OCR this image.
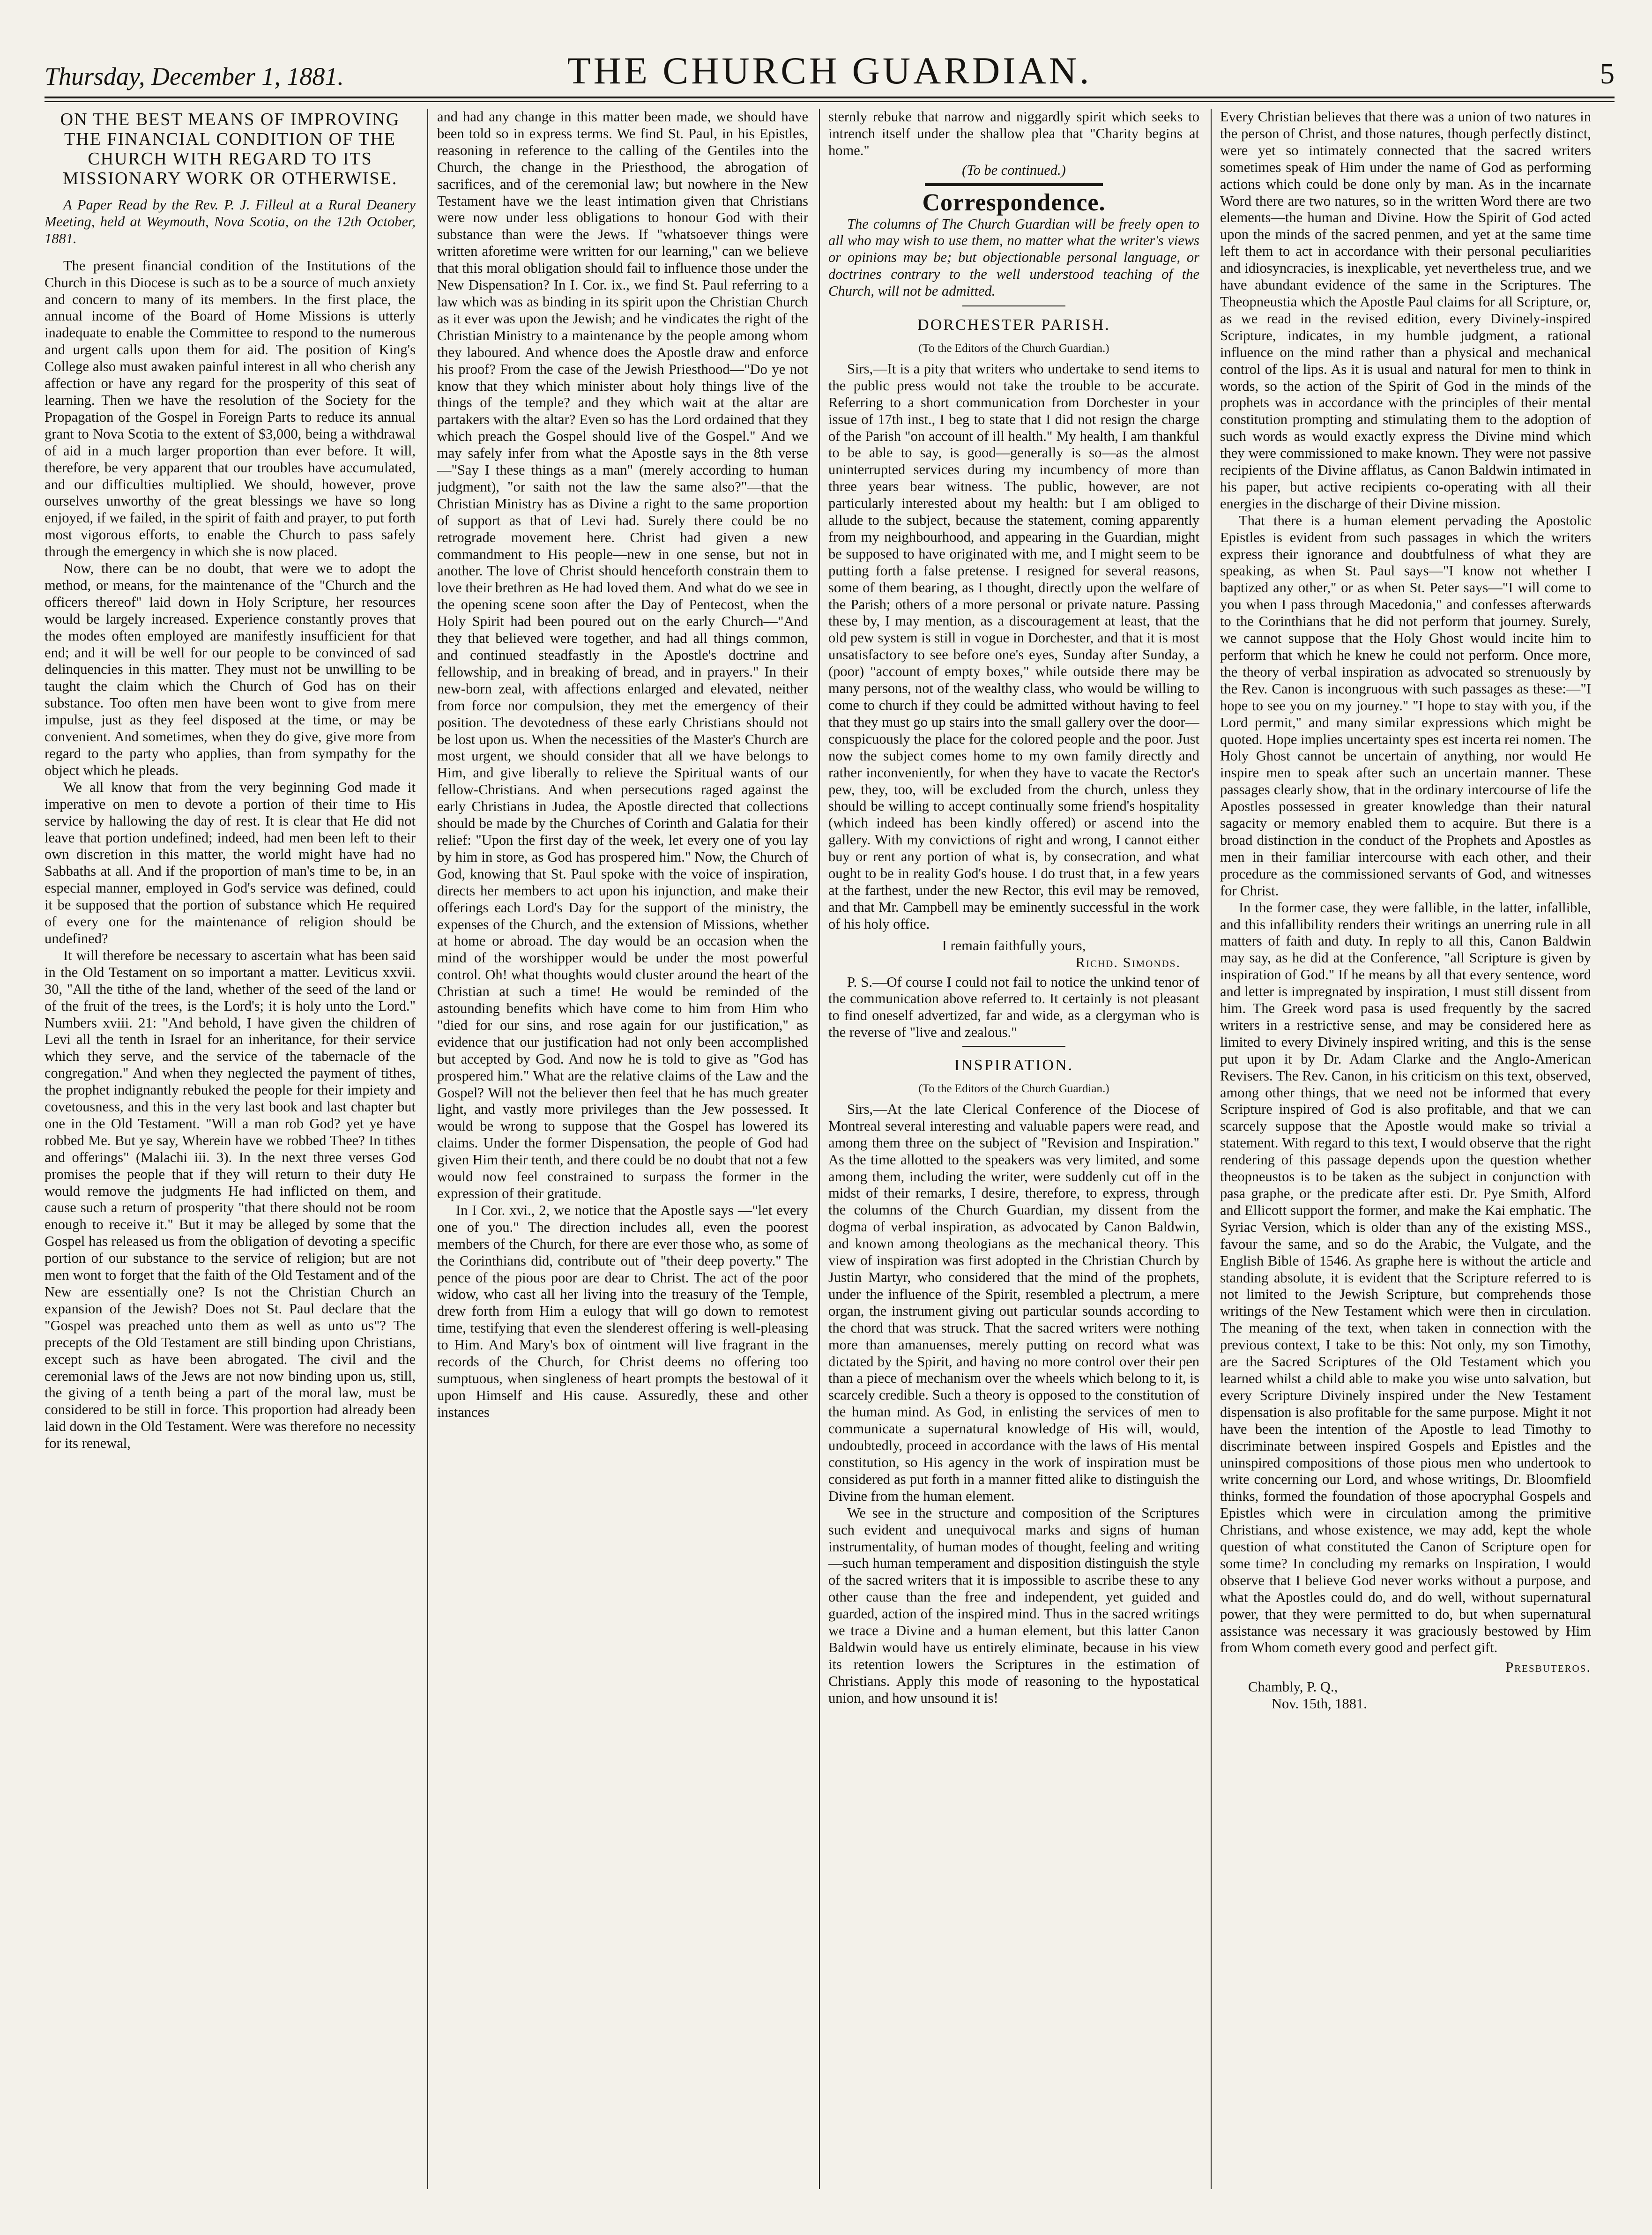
Thursday, December 1, 1881.	THE CHURCH GUARDIAN.	5
ON THE BEST MEANS OF IMPROVING THE FINANCIAL CONDITION OF THE CHURCH WITH REGARD TO ITS MISSIONARY WORK OR OTHERWISE.

A Paper Read by the Rev. P. J. Filleul at a Rural Deanery Meeting, held at Weymouth, Nova Scotia, on the 12th October, 1881.

The present financial condition of the Institutions of the Church in this Diocese is such as to be a source of much anxiety and concern to many of its members. In the first place, the annual income of the Board of Home Missions is utterly inadequate to enable the Committee to respond to the numerous and urgent calls upon them for aid. The position of King's College also must awaken painful interest in all who cherish any affection or have any regard for the prosperity of this seat of learning. Then we have the resolution of the Society for the Propagation of the Gospel in Foreign Parts to reduce its annual grant to Nova Scotia to the extent of $3,000, being a withdrawal of aid in a much larger proportion than ever before. It will, therefore, be very apparent that our troubles have accumulated, and our difficulties multiplied. We should, however, prove ourselves unworthy of the great blessings we have so long enjoyed, if we failed, in the spirit of faith and prayer, to put forth most vigorous efforts, to enable the Church to pass safely through the emergency in which she is now placed.

Now, there can be no doubt, that were we to adopt the method, or means, for the maintenance of the "Church and the officers thereof" laid down in Holy Scripture, her resources would be largely increased. Experience constantly proves that the modes often employed are manifestly insufficient for that end; and it will be well for our people to be convinced of sad delinquencies in this matter. They must not be unwilling to be taught the claim which the Church of God has on their substance. Too often men have been wont to give from mere impulse, just as they feel disposed at the time, or may be convenient. And sometimes, when they do give, give more from regard to the party who applies, than from sympathy for the object which he pleads.

We all know that from the very beginning God made it imperative on men to devote a portion of their time to His service by hallowing the day of rest. It is clear that He did not leave that portion undefined; indeed, had men been left to their own discretion in this matter, the world might have had no Sabbaths at all. And if the proportion of man's time to be, in an especial manner, employed in God's service was defined, could it be supposed that the portion of substance which He required of every one for the maintenance of religion should be undefined?

It will therefore be necessary to ascertain what has been said in the Old Testament on so important a matter. Leviticus xxvii. 30, "All the tithe of the land, whether of the seed of the land or of the fruit of the trees, is the Lord's; it is holy unto the Lord." Numbers xviii. 21: "And behold, I have given the children of Levi all the tenth in Israel for an inheritance, for their service which they serve, and the service of the tabernacle of the congregation." And when they neglected the payment of tithes, the prophet indignantly rebuked the people for their impiety and covetousness, and this in the very last book and last chapter but one in the Old Testament. "Will a man rob God? yet ye have robbed Me. But ye say, Wherein have we robbed Thee? In tithes and offerings" (Malachi iii. 3). In the next three verses God promises the people that if they will return to their duty He would remove the judgments He had inflicted on them, and cause such a return of prosperity "that there should not be room enough to receive it." But it may be alleged by some that the Gospel has released us from the obligation of devoting a specific portion of our substance to the service of religion; but are not men wont to forget that the faith of the Old Testament and of the New are essentially one? Is not the Christian Church an expansion of the Jewish? Does not St. Paul declare that the "Gospel was preached unto them as well as unto us"? The precepts of the Old Testament are still binding upon Christians, except such as have been abrogated. The civil and the ceremonial laws of the Jews are not now binding upon us, still, the giving of a tenth being a part of the moral law, must be considered to be still in force. This proportion had already been laid down in the Old Testament. Were was therefore no necessity for its renewal,

and had any change in this matter been made, we should have been told so in express terms. We find St. Paul, in his Epistles, reasoning in reference to the calling of the Gentiles into the Church, the change in the Priesthood, the abrogation of sacrifices, and of the ceremonial law; but nowhere in the New Testament have we the least intimation given that Christians were now under less obligations to honour God with their substance than were the Jews. If "whatsoever things were written aforetime were written for our learning," can we believe that this moral obligation should fail to influence those under the New Dispensation? In I. Cor. ix., we find St. Paul referring to a law which was as binding in its spirit upon the Christian Church as it ever was upon the Jewish; and he vindicates the right of the Christian Ministry to a maintenance by the people among whom they laboured. And whence does the Apostle draw and enforce his proof? From the case of the Jewish Priesthood—"Do ye not know that they which minister about holy things live of the things of the temple? and they which wait at the altar are partakers with the altar? Even so has the Lord ordained that they which preach the Gospel should live of the Gospel." And we may safely infer from what the Apostle says in the 8th verse—"Say I these things as a man" (merely according to human judgment), "or saith not the law the same also?"—that the Christian Ministry has as Divine a right to the same proportion of support as that of Levi had. Surely there could be no retrograde movement here. Christ had given a new commandment to His people—new in one sense, but not in another. The love of Christ should henceforth constrain them to love their brethren as He had loved them. And what do we see in the opening scene soon after the Day of Pentecost, when the Holy Spirit had been poured out on the early Church—"And they that believed were together, and had all things common, and continued steadfastly in the Apostle's doctrine and fellowship, and in breaking of bread, and in prayers." In their new-born zeal, with affections enlarged and elevated, neither from force nor compulsion, they met the emergency of their position. The devotedness of these early Christians should not be lost upon us. When the necessities of the Master's Church are most urgent, we should consider that all we have belongs to Him, and give liberally to relieve the Spiritual wants of our fellow-Christians. And when persecutions raged against the early Christians in Judea, the Apostle directed that collections should be made by the Churches of Corinth and Galatia for their relief: "Upon the first day of the week, let every one of you lay by him in store, as God has prospered him." Now, the Church of God, knowing that St. Paul spoke with the voice of inspiration, directs her members to act upon his injunction, and make their offerings each Lord's Day for the support of the ministry, the expenses of the Church, and the extension of Missions, whether at home or abroad. The day would be an occasion when the mind of the worshipper would be under the most powerful control. Oh! what thoughts would cluster around the heart of the Christian at such a time! He would be reminded of the astounding benefits which have come to him from Him who "died for our sins, and rose again for our justification," as evidence that our justification had not only been accomplished but accepted by God. And now he is told to give as "God has prospered him." What are the relative claims of the Law and the Gospel? Will not the believer then feel that he has much greater light, and vastly more privileges than the Jew possessed. It would be wrong to suppose that the Gospel has lowered its claims. Under the former Dispensation, the people of God had given Him their tenth, and there could be no doubt that not a few would now feel constrained to surpass the former in the expression of their gratitude.

In I Cor. xvi., 2, we notice that the Apostle says —"let every one of you." The direction includes all, even the poorest members of the Church, for there are ever those who, as some of the Corinthians did, contribute out of "their deep poverty." The pence of the pious poor are dear to Christ. The act of the poor widow, who cast all her living into the treasury of the Temple, drew forth from Him a eulogy that will go down to remotest time, testifying that even the slenderest offering is well-pleasing to Him. And Mary's box of ointment will live fragrant in the records of the Church, for Christ deems no offering too sumptuous, when singleness of heart prompts the bestowal of it upon Himself and His cause. Assuredly, these and other instances

sternly rebuke that narrow and niggardly spirit which seeks to intrench itself under the shallow plea that "Charity begins at home."

(To be continued.)
Correspondence.

The columns of The Church Guardian will be freely open to all who may wish to use them, no matter what the writer's views or opinions may be; but objectionable personal language, or doctrines contrary to the well understood teaching of the Church, will not be admitted.

DORCHESTER PARISH.
(To the Editors of the Church Guardian.)

Sirs,—It is a pity that writers who undertake to send items to the public press would not take the trouble to be accurate. Referring to a short communication from Dorchester in your issue of 17th inst., I beg to state that I did not resign the charge of the Parish "on account of ill health." My health, I am thankful to be able to say, is good—generally is so—as the almost uninterrupted services during my incumbency of more than three years bear witness. The public, however, are not particularly interested about my health: but I am obliged to allude to the subject, because the statement, coming apparently from my neighbourhood, and appearing in the Guardian, might be supposed to have originated with me, and I might seem to be putting forth a false pretense. I resigned for several reasons, some of them bearing, as I thought, directly upon the welfare of the Parish; others of a more personal or private nature. Passing these by, I may mention, as a discouragement at least, that the old pew system is still in vogue in Dorchester, and that it is most unsatisfactory to see before one's eyes, Sunday after Sunday, a (poor) "account of empty boxes," while outside there may be many persons, not of the wealthy class, who would be willing to come to church if they could be admitted without having to feel that they must go up stairs into the small gallery over the door—conspicuously the place for the colored people and the poor. Just now the subject comes home to my own family directly and rather inconveniently, for when they have to vacate the Rector's pew, they, too, will be excluded from the church, unless they should be willing to accept continually some friend's hospitality (which indeed has been kindly offered) or ascend into the gallery. With my convictions of right and wrong, I cannot either buy or rent any portion of what is, by consecration, and what ought to be in reality God's house. I do trust that, in a few years at the farthest, under the new Rector, this evil may be removed, and that Mr. Campbell may be eminently successful in the work of his holy office.

I remain faithfully yours,
Richd. Simonds.

P. S.—Of course I could not fail to notice the unkind tenor of the communication above referred to. It certainly is not pleasant to find oneself advertized, far and wide, as a clergyman who is the reverse of "live and zealous."

INSPIRATION.
(To the Editors of the Church Guardian.)

Sirs,—At the late Clerical Conference of the Diocese of Montreal several interesting and valuable papers were read, and among them three on the subject of "Revision and Inspiration." As the time allotted to the speakers was very limited, and some among them, including the writer, were suddenly cut off in the midst of their remarks, I desire, therefore, to express, through the columns of the Church Guardian, my dissent from the dogma of verbal inspiration, as advocated by Canon Baldwin, and known among theologians as the mechanical theory. This view of inspiration was first adopted in the Christian Church by Justin Martyr, who considered that the mind of the prophets, under the influence of the Spirit, resembled a plectrum, a mere organ, the instrument giving out particular sounds according to the chord that was struck. That the sacred writers were nothing more than amanuenses, merely putting on record what was dictated by the Spirit, and having no more control over their pen than a piece of mechanism over the wheels which belong to it, is scarcely credible. Such a theory is opposed to the constitution of the human mind. As God, in enlisting the services of men to communicate a supernatural knowledge of His will, would, undoubtedly, proceed in accordance with the laws of His mental constitution, so His agency in the work of inspiration must be considered as put forth in a manner fitted alike to distinguish the Divine from the human element.

We see in the structure and composition of the Scriptures such evident and unequivocal marks and signs of human instrumentality, of human modes of thought, feeling and writing—such human temperament and disposition distinguish the style of the sacred writers that it is impossible to ascribe these to any other cause than the free and independent, yet guided and guarded, action of the inspired mind. Thus in the sacred writings we trace a Divine and a human element, but this latter Canon Baldwin would have us entirely eliminate, because in his view its retention lowers the Scriptures in the estimation of Christians. Apply this mode of reasoning to the hypostatical union, and how unsound it is!

Every Christian believes that there was a union of two natures in the person of Christ, and those natures, though perfectly distinct, were yet so intimately connected that the sacred writers sometimes speak of Him under the name of God as performing actions which could be done only by man. As in the incarnate Word there are two natures, so in the written Word there are two elements—the human and Divine. How the Spirit of God acted upon the minds of the sacred penmen, and yet at the same time left them to act in accordance with their personal peculiarities and idiosyncracies, is inexplicable, yet nevertheless true, and we have abundant evidence of the same in the Scriptures. The Theopneustia which the Apostle Paul claims for all Scripture, or, as we read in the revised edition, every Divinely-inspired Scripture, indicates, in my humble judgment, a rational influence on the mind rather than a physical and mechanical control of the lips. As it is usual and natural for men to think in words, so the action of the Spirit of God in the minds of the prophets was in accordance with the principles of their mental constitution prompting and stimulating them to the adoption of such words as would exactly express the Divine mind which they were commissioned to make known. They were not passive recipients of the Divine afflatus, as Canon Baldwin intimated in his paper, but active recipients co-operating with all their energies in the discharge of their Divine mission.

That there is a human element pervading the Apostolic Epistles is evident from such passages in which the writers express their ignorance and doubtfulness of what they are speaking, as when St. Paul says—"I know not whether I baptized any other," or as when St. Peter says—"I will come to you when I pass through Macedonia," and confesses afterwards to the Corinthians that he did not perform that journey. Surely, we cannot suppose that the Holy Ghost would incite him to perform that which he knew he could not perform. Once more, the theory of verbal inspiration as advocated so strenuously by the Rev. Canon is incongruous with such passages as these:—"I hope to see you on my journey." "I hope to stay with you, if the Lord permit," and many similar expressions which might be quoted. Hope implies uncertainty spes est incerta rei nomen. The Holy Ghost cannot be uncertain of anything, nor would He inspire men to speak after such an uncertain manner. These passages clearly show, that in the ordinary intercourse of life the Apostles possessed in greater knowledge than their natural sagacity or memory enabled them to acquire. But there is a broad distinction in the conduct of the Prophets and Apostles as men in their familiar intercourse with each other, and their procedure as the commissioned servants of God, and witnesses for Christ.

In the former case, they were fallible, in the latter, infallible, and this infallibility renders their writings an unerring rule in all matters of faith and duty. In reply to all this, Canon Baldwin may say, as he did at the Conference, "all Scripture is given by inspiration of God." If he means by all that every sentence, word and letter is impregnated by inspiration, I must still dissent from him. The Greek word pasa is used frequently by the sacred writers in a restrictive sense, and may be considered here as limited to every Divinely inspired writing, and this is the sense put upon it by Dr. Adam Clarke and the Anglo-American Revisers. The Rev. Canon, in his criticism on this text, observed, among other things, that we need not be informed that every Scripture inspired of God is also profitable, and that we can scarcely suppose that the Apostle would make so trivial a statement. With regard to this text, I would observe that the right rendering of this passage depends upon the question whether theopneustos is to be taken as the subject in conjunction with pasa graphe, or the predicate after esti. Dr. Pye Smith, Alford and Ellicott support the former, and make the Kai emphatic. The Syriac Version, which is older than any of the existing MSS., favour the same, and so do the Arabic, the Vulgate, and the English Bible of 1546. As graphe here is without the article and standing absolute, it is evident that the Scripture referred to is not limited to the Jewish Scripture, but comprehends those writings of the New Testament which were then in circulation. The meaning of the text, when taken in connection with the previous context, I take to be this: Not only, my son Timothy, are the Sacred Scriptures of the Old Testament which you learned whilst a child able to make you wise unto salvation, but every Scripture Divinely inspired under the New Testament dispensation is also profitable for the same purpose. Might it not have been the intention of the Apostle to lead Timothy to discriminate between inspired Gospels and Epistles and the uninspired compositions of those pious men who undertook to write concerning our Lord, and whose writings, Dr. Bloomfield thinks, formed the foundation of those apocryphal Gospels and Epistles which were in circulation among the primitive Christians, and whose existence, we may add, kept the whole question of what constituted the Canon of Scripture open for some time? In concluding my remarks on Inspiration, I would observe that I believe God never works without a purpose, and what the Apostles could do, and do well, without supernatural power, that they were permitted to do, but when supernatural assistance was necessary it was graciously bestowed by Him from Whom cometh every good and perfect gift.

Presbuteros.

Chambly, P. Q.,

Nov. 15th, 1881.
